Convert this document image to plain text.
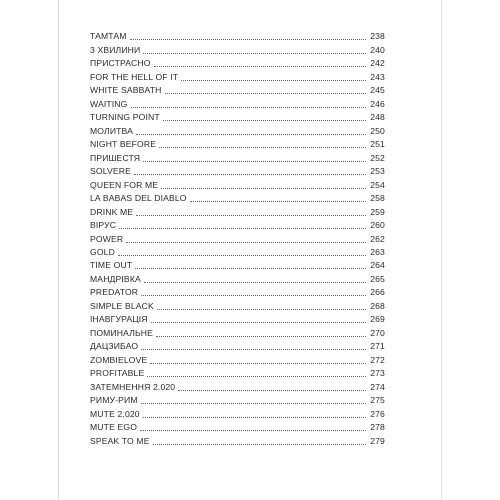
ТАМТАМ	238
3 ХВИЛИНИ	240
ПРИСТРАСНО	242
FOR THE HELL OF IT	243
WHITE SABBATH	245
WAITING	246
TURNING POINT	248
МОЛИТВА	250
NIGHT BEFORE	251
ПРИШЕСТЯ	252
SOLVERE	253
QUEEN FOR ME	254
LA BABAS DEL DIABLO	258
DRINK ME	259
ВІРУС	260
POWER	262
GOLD	263
TIME OUT	264
МАНДРІВКА	265
PREDATOR	266
SIMPLE BLACK	268
ІНАВГУРАЦІЯ	269
ПОМИНАЛЬНЕ	270
ДАЦЗИБАО	271
ZOMBIELOVE	272
PROFITABLE	273
ЗАТЕМНЕННЯ 2.020	274
РИМУ-РИМ	275
MUTE 2.020	276
MUTE EGO	278
SPEAK TO ME	279
